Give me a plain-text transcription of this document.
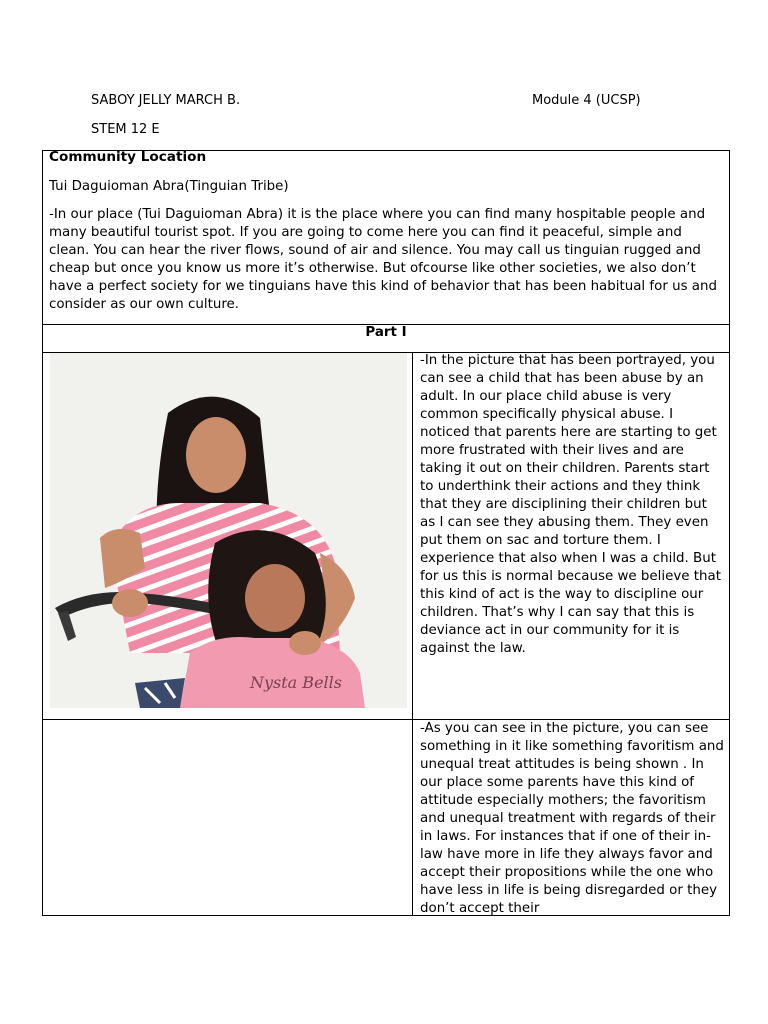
SABOY JELLY MARCH B.	Module 4 (UCSP)
STEM 12 E
Community Location
Tui Daguioman Abra(Tinguian Tribe)
-In our place (Tui Daguioman Abra) it is the place where you can find many hospitable people and many beautiful tourist spot. If you are going to come here you can find it peaceful, simple and clean. You can hear the river flows, sound of air and silence. You may call us tinguian rugged and cheap but once you know us more it’s otherwise. But ofcourse like other societies, we also don’t have a perfect society for we tinguians have this kind of behavior that has been habitual for us and consider as our own culture.
Part I
Nysta Bells
-In the picture that has been portrayed, you can see a child that has been abuse by an adult. In our place child abuse is very common specifically physical abuse. I noticed that parents here are starting to get more frustrated with their lives and are taking it out on their children. Parents start to underthink their actions and they think that they are disciplining their children but as I can see they abusing them. They even put them on sac and torture them. I experience that also when I was a child. But for us this is normal because we believe that this kind of act is the way to discipline our children. That’s why I can say that this is deviance act in our community for it is against the law.
-As you can see in the picture, you can see something in it like something favoritism and unequal treat attitudes is being shown . In our place some parents have this kind of attitude especially mothers; the favoritism and unequal treatment with regards of their in laws. For instances that if one of their in-law have more in life they always favor and accept their propositions while the one who have less in life is being disregarded or they don’t accept their
